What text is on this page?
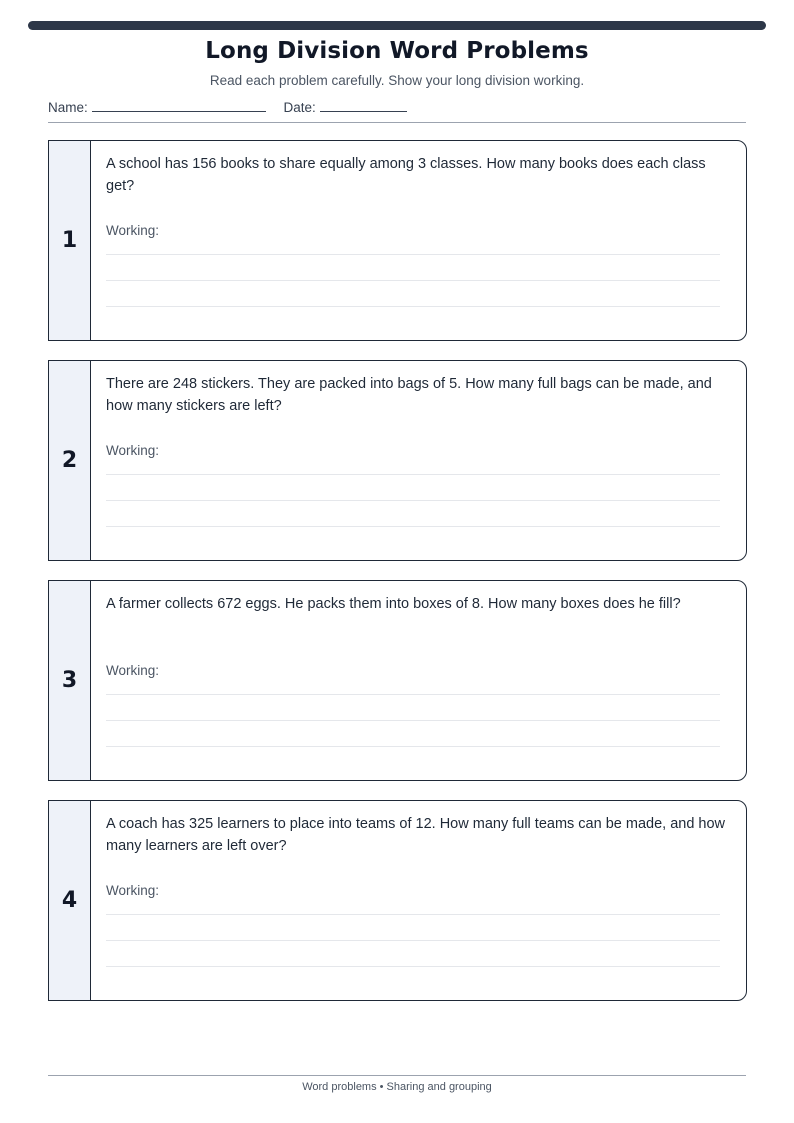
Long Division Word Problems
Read each problem carefully. Show your long division working.
Name:	Date:
1
A school has 156 books to share equally among 3 classes. How many books does each class get?
Working:
2
There are 248 stickers. They are packed into bags of 5. How many full bags can be made, and how many stickers are left?
Working:
3
A farmer collects 672 eggs. He packs them into boxes of 8. How many boxes does he fill?
Working:
4
A coach has 325 learners to place into teams of 12. How many full teams can be made, and how many learners are left over?
Working:
Word problems • Sharing and grouping
